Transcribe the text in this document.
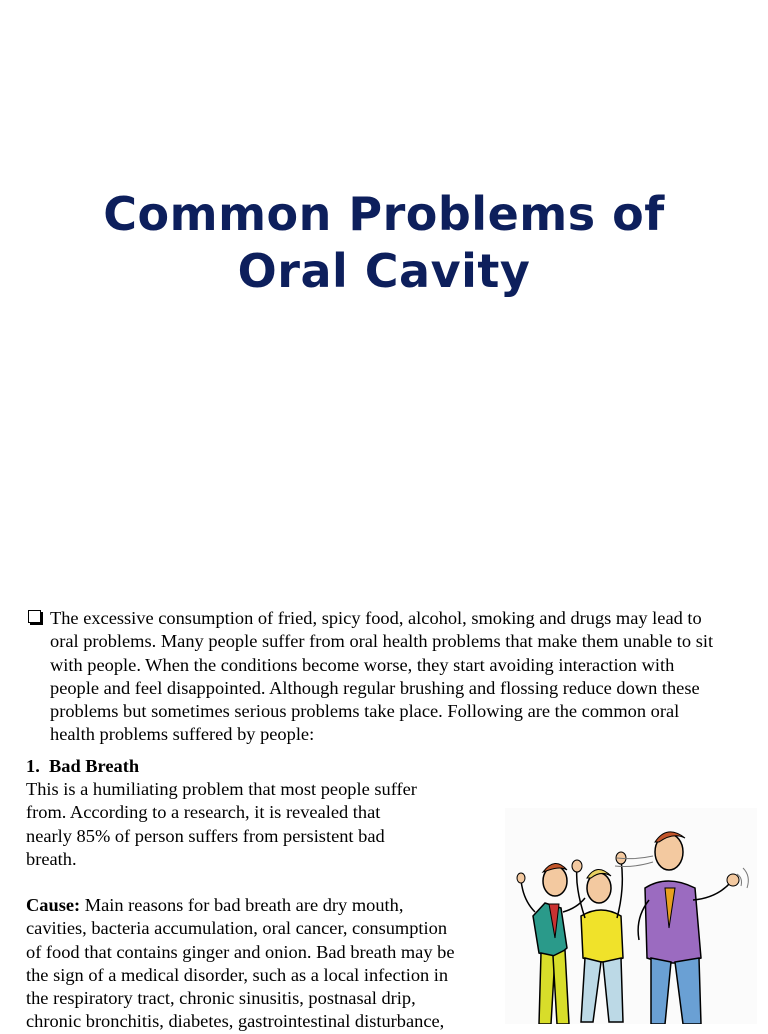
Common Problems of
Oral Cavity
The excessive consumption of fried, spicy food, alcohol, smoking and drugs may lead to
oral problems. Many people suffer from oral health problems that make them unable to sit
with people. When the conditions become worse, they start avoiding interaction with
people and feel disappointed. Although regular brushing and flossing reduce down these
problems but sometimes serious problems take place. Following are the common oral
health problems suffered by people:
1. Bad Breath
This is a humiliating problem that most people suffer
from. According to a research, it is revealed that
nearly 85% of person suffers from persistent bad
breath.
Cause: Main reasons for bad breath are dry mouth,
cavities, bacteria accumulation, oral cancer, consumption
of food that contains ginger and onion. Bad breath may be
the sign of a medical disorder, such as a local infection in
the respiratory tract, chronic sinusitis, postnasal drip,
chronic bronchitis, diabetes, gastrointestinal disturbance,
